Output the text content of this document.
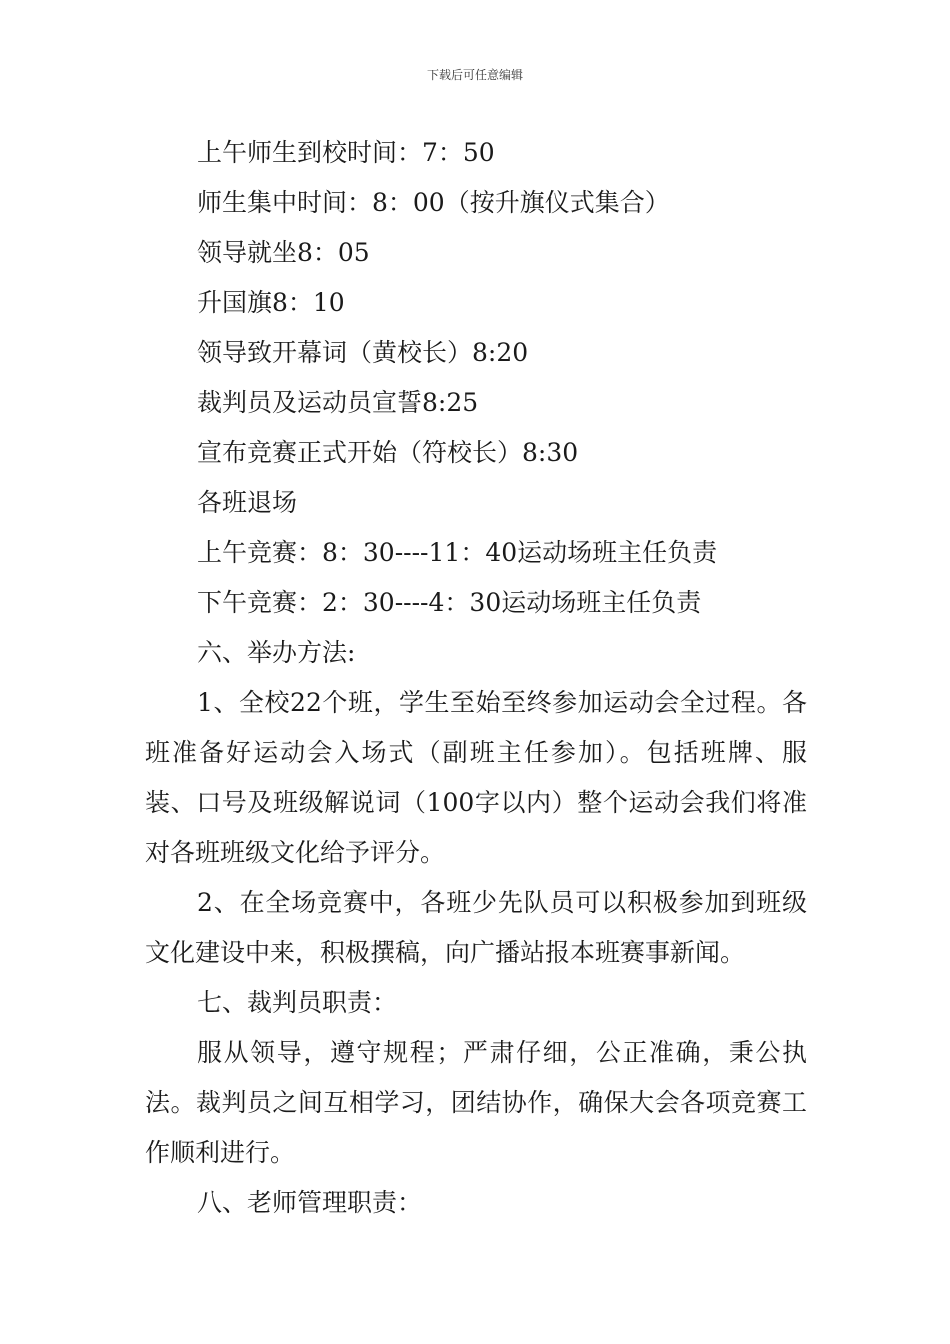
下载后可任意编辑

上午师生到校时间：7：50

师生集中时间：8：00（按升旗仪式集合）

领导就坐8：05

升国旗8：10

领导致开幕词（黄校长）8:20

裁判员及运动员宣誓8:25

宣布竞赛正式开始（符校长）8:30

各班退场

上午竞赛：8：30----11：40运动场班主任负责

下午竞赛：2：30----4：30运动场班主任负责

六、举办方法:

1、全校22个班，学生至始至终参加运动会全过程。各班准备好运动会入场式（副班主任参加）。包括班牌、服装、口号及班级解说词（100字以内）整个运动会我们将准对各班班级文化给予评分。

2、在全场竞赛中，各班少先队员可以积极参加到班级文化建设中来，积极撰稿，向广播站报本班赛事新闻。

七、裁判员职责：

服从领导，遵守规程；严肃仔细，公正准确，秉公执法。裁判员之间互相学习，团结协作，确保大会各项竞赛工作顺利进行。

八、老师管理职责：
